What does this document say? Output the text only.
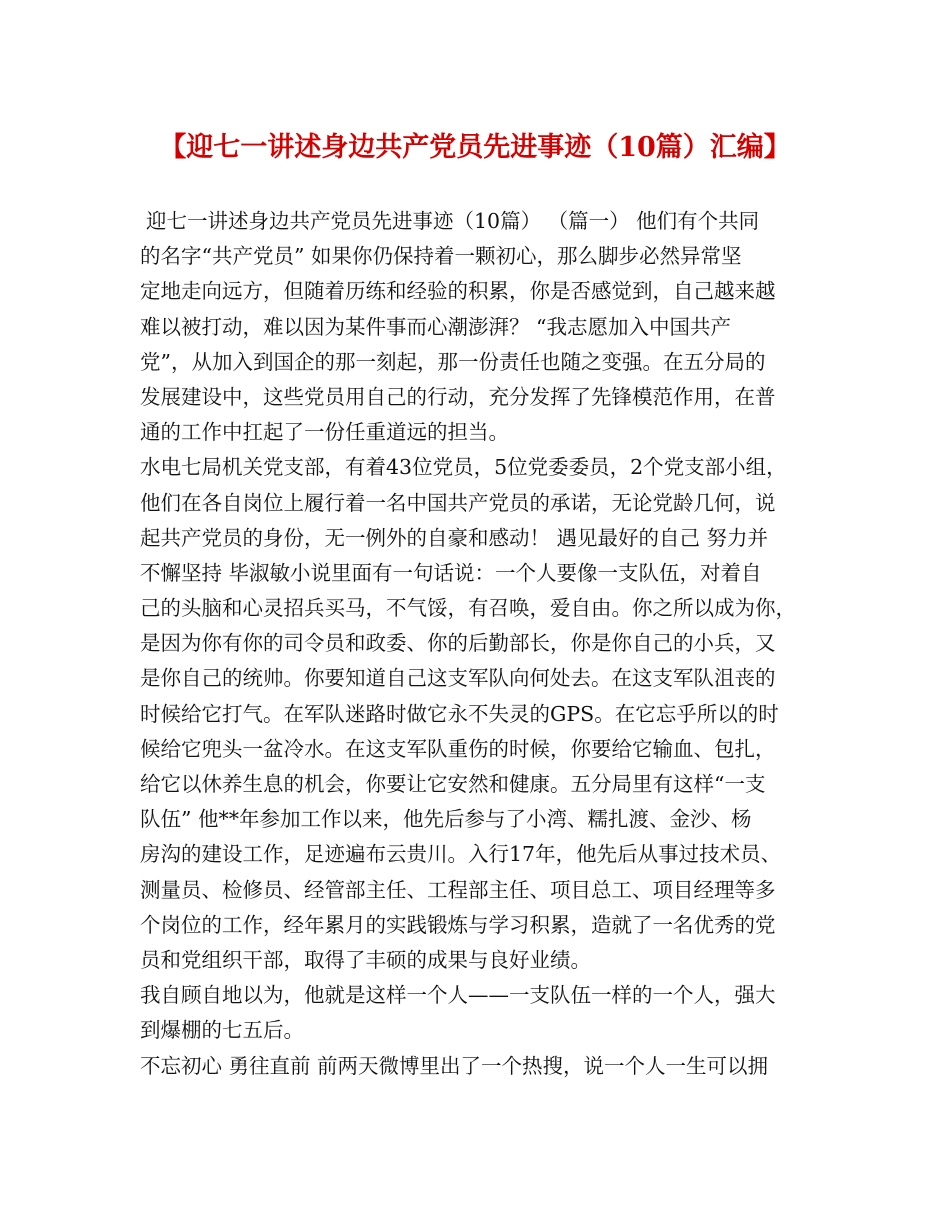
【迎七一讲述身边共产党员先进事迹（10篇）汇编】
迎七一讲述身边共产党员先进事迹（10篇） （篇一） 他们有个共同
的名字“共产党员” 如果你仍保持着一颗初心，那么脚步必然异常坚
定地走向远方，但随着历练和经验的积累，你是否感觉到，自己越来越
难以被打动，难以因为某件事而心潮澎湃？ “我志愿加入中国共产
党”，从加入到国企的那一刻起，那一份责任也随之变强。在五分局的
发展建设中，这些党员用自己的行动，充分发挥了先锋模范作用，在普
通的工作中扛起了一份任重道远的担当。
水电七局机关党支部，有着43位党员，5位党委委员，2个党支部小组，
他们在各自岗位上履行着一名中国共产党员的承诺，无论党龄几何，说
起共产党员的身份，无一例外的自豪和感动！ 遇见最好的自己 努力并
不懈坚持 毕淑敏小说里面有一句话说：一个人要像一支队伍，对着自
己的头脑和心灵招兵买马，不气馁，有召唤，爱自由。你之所以成为你，
是因为你有你的司令员和政委、你的后勤部长，你是你自己的小兵，又
是你自己的统帅。你要知道自己这支军队向何处去。在这支军队沮丧的
时候给它打气。在军队迷路时做它永不失灵的GPS。在它忘乎所以的时
候给它兜头一盆冷水。在这支军队重伤的时候，你要给它输血、包扎，
给它以休养生息的机会，你要让它安然和健康。五分局里有这样“一支
队伍” 他**年参加工作以来，他先后参与了小湾、糯扎渡、金沙、杨
房沟的建设工作，足迹遍布云贵川。入行17年，他先后从事过技术员、
测量员、检修员、经管部主任、工程部主任、项目总工、项目经理等多
个岗位的工作，经年累月的实践锻炼与学习积累，造就了一名优秀的党
员和党组织干部，取得了丰硕的成果与良好业绩。
我自顾自地以为，他就是这样一个人——一支队伍一样的一个人，强大
到爆棚的七五后。
不忘初心 勇往直前 前两天微博里出了一个热搜，说一个人一生可以拥
